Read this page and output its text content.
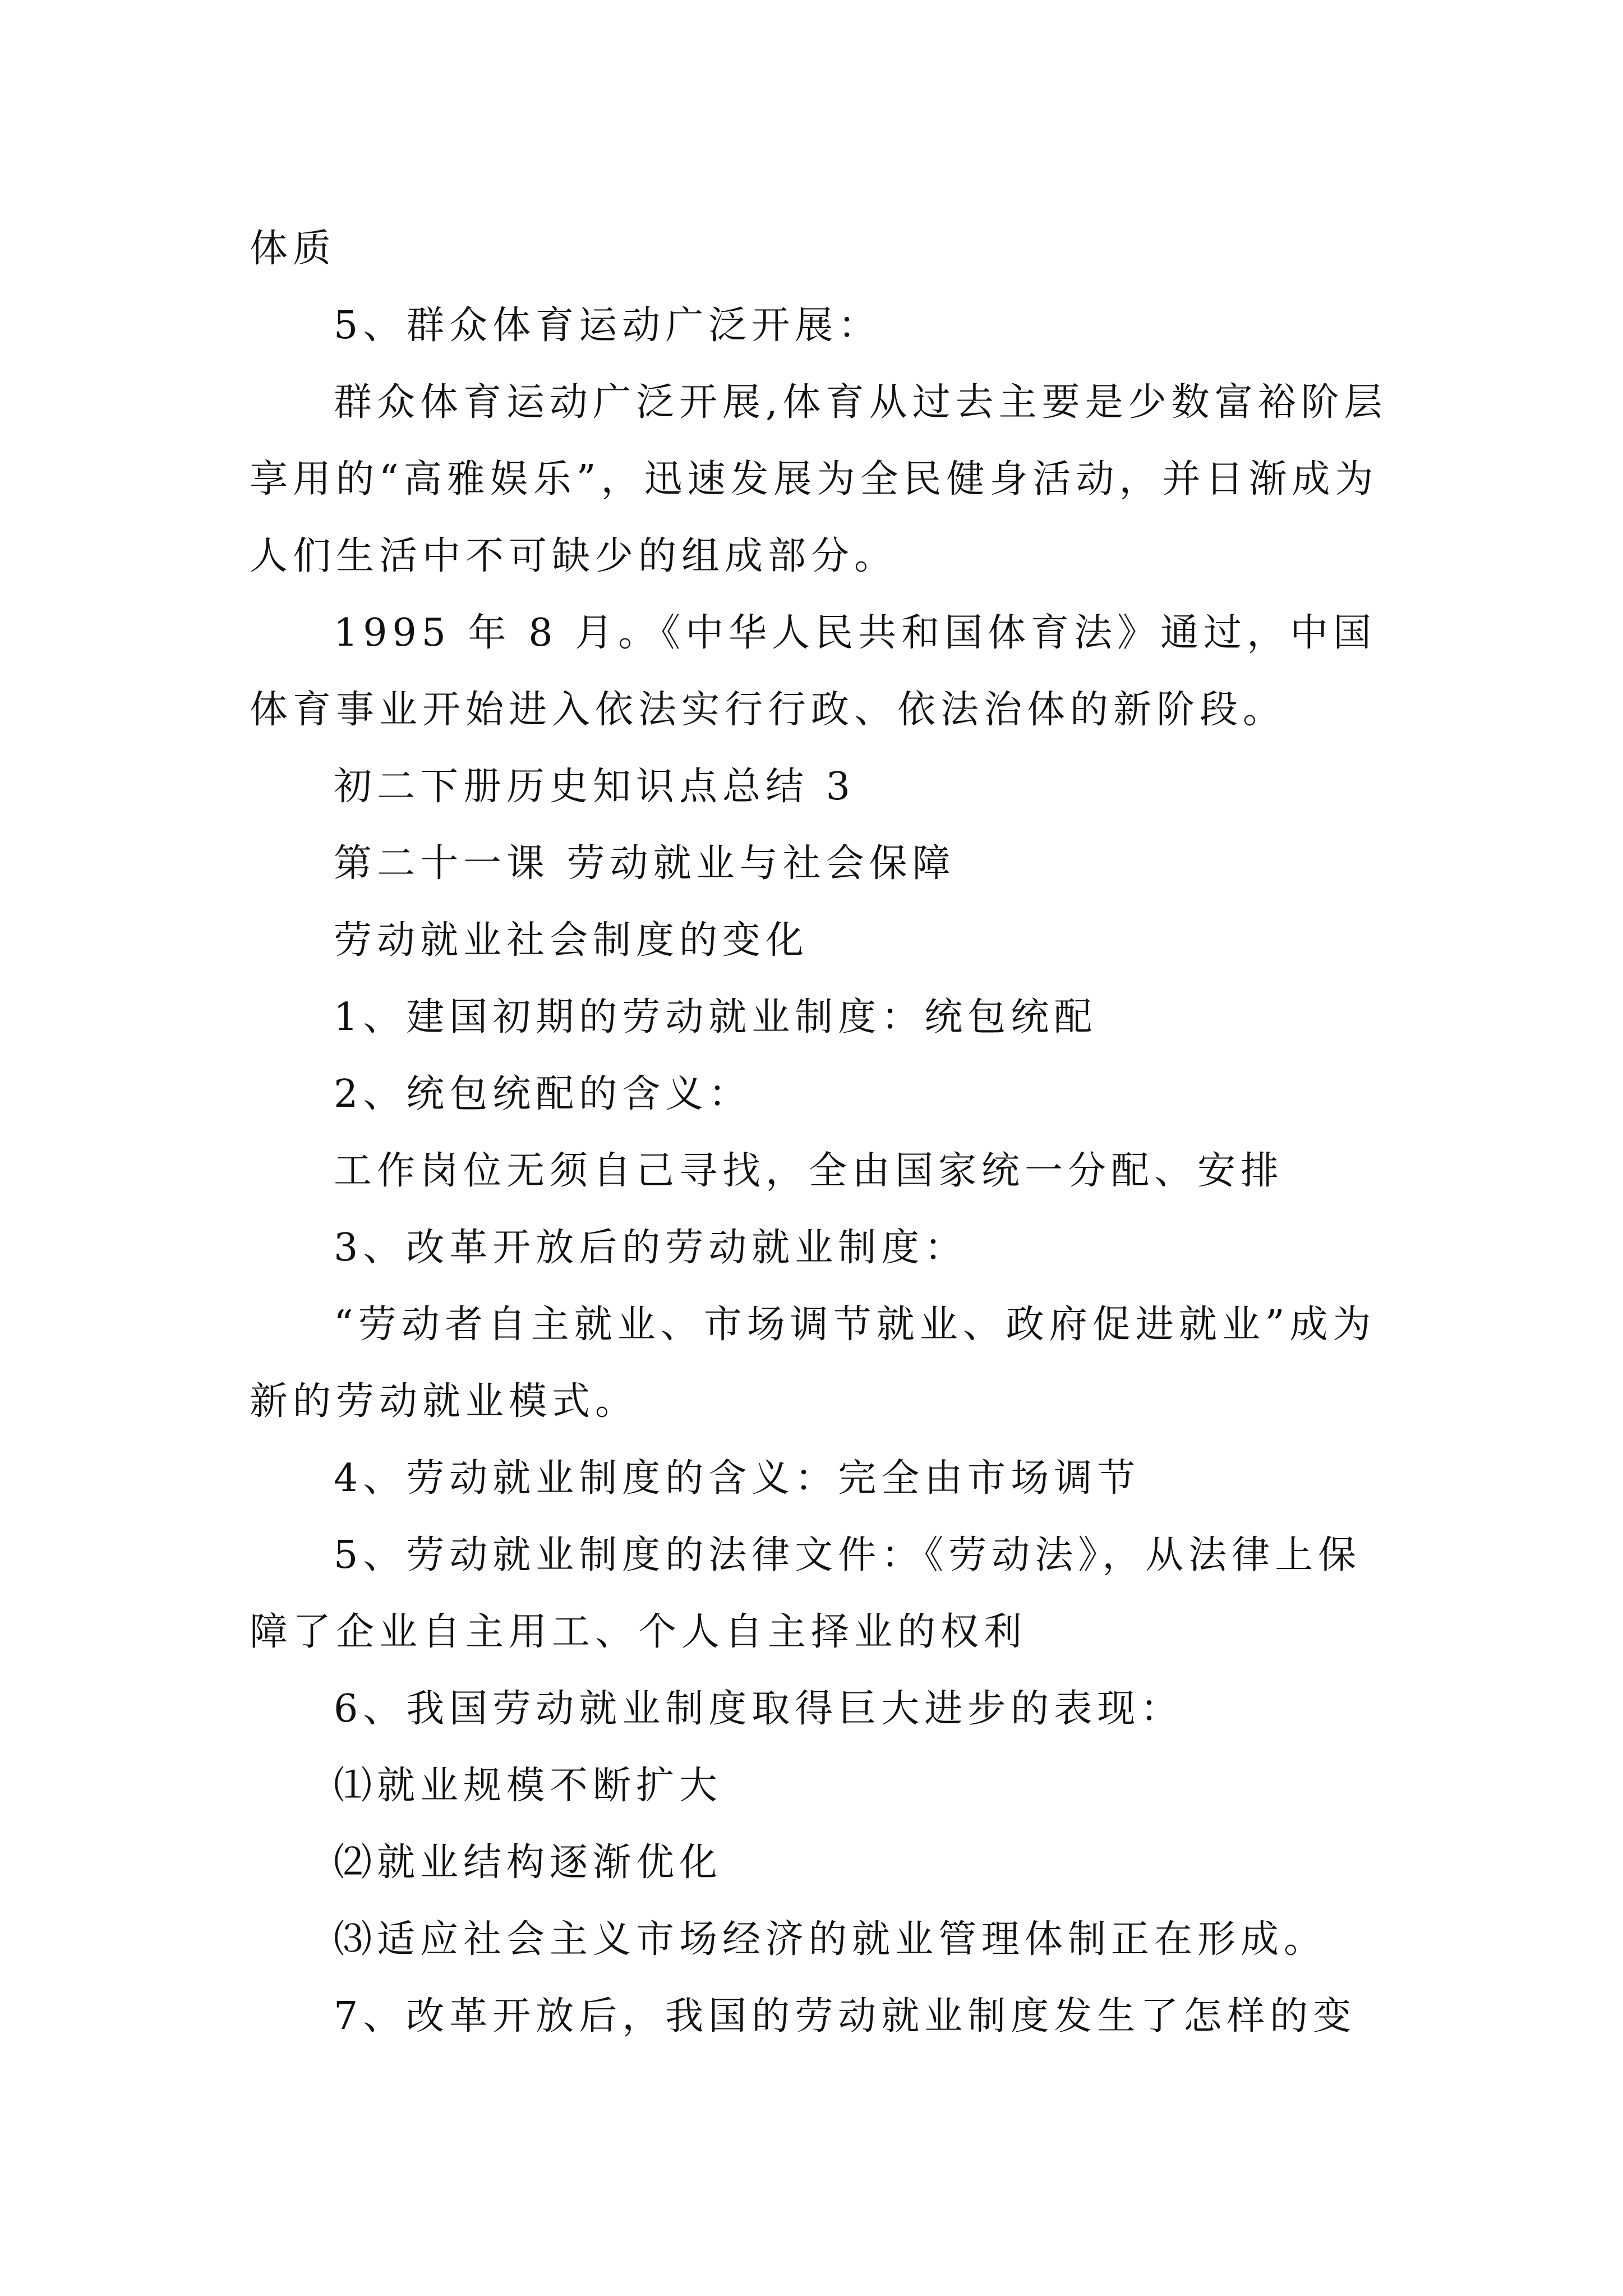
体质

5、群众体育运动广泛开展：

群众体育运动广泛开展,体育从过去主要是少数富裕阶层享用的“高雅娱乐”，迅速发展为全民健身活动，并日渐成为人们生活中不可缺少的组成部分。

1995 年 8 月。《中华人民共和国体育法》通过，中国体育事业开始进入依法实行行政、依法治体的新阶段。

初二下册历史知识点总结 3

第二十一课 劳动就业与社会保障

劳动就业社会制度的变化

1、建国初期的劳动就业制度：统包统配

2、统包统配的含义：

工作岗位无须自己寻找，全由国家统一分配、安排

3、改革开放后的劳动就业制度：

“劳动者自主就业、市场调节就业、政府促进就业”成为新的劳动就业模式。

4、劳动就业制度的含义：完全由市场调节

5、劳动就业制度的法律文件：《劳动法》，从法律上保障了企业自主用工、个人自主择业的权利

6、我国劳动就业制度取得巨大进步的表现：

⑴就业规模不断扩大

⑵就业结构逐渐优化

⑶适应社会主义市场经济的就业管理体制正在形成。

7、改革开放后，我国的劳动就业制度发生了怎样的变
